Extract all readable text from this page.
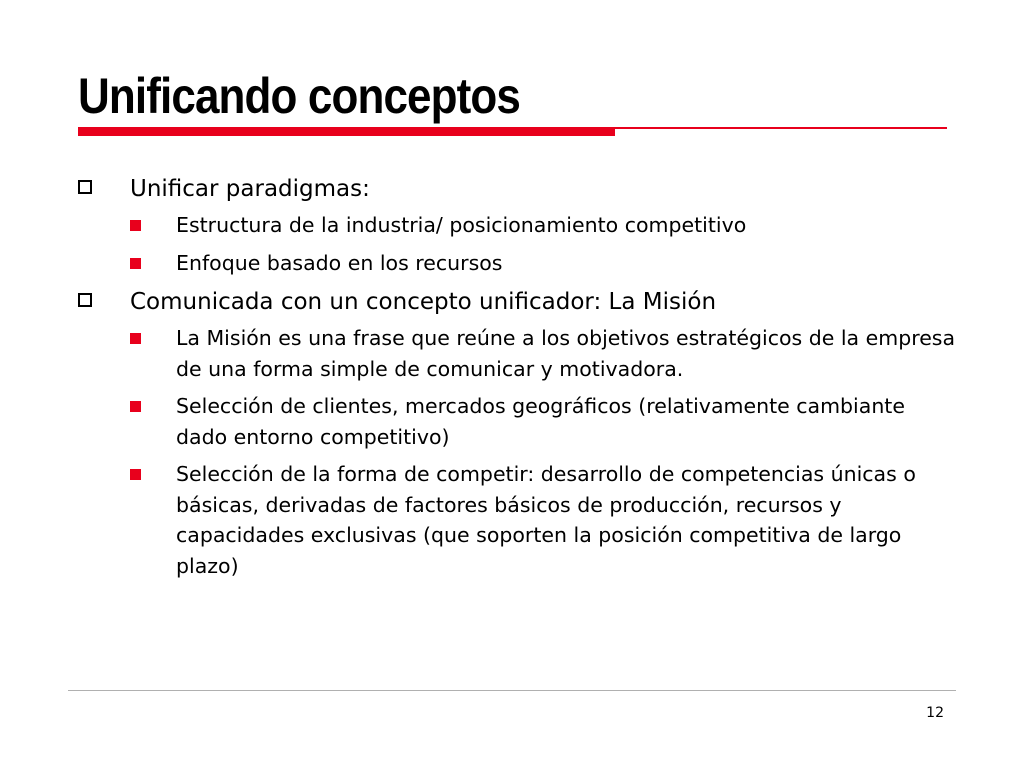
Unificando conceptos
Unificar paradigmas:
Estructura de la industria/ posicionamiento competitivo
Enfoque basado en los recursos
Comunicada con un concepto unificador: La Misión
La Misión es una frase que reúne a los objetivos estratégicos de la empresa de una forma simple de comunicar y motivadora.
Selección de clientes, mercados geográficos (relativamente cambiante dado entorno competitivo)
Selección de la forma de competir: desarrollo de competencias únicas o básicas, derivadas de factores básicos de producción, recursos y capacidades exclusivas (que soporten la posición competitiva de largo plazo)
12
